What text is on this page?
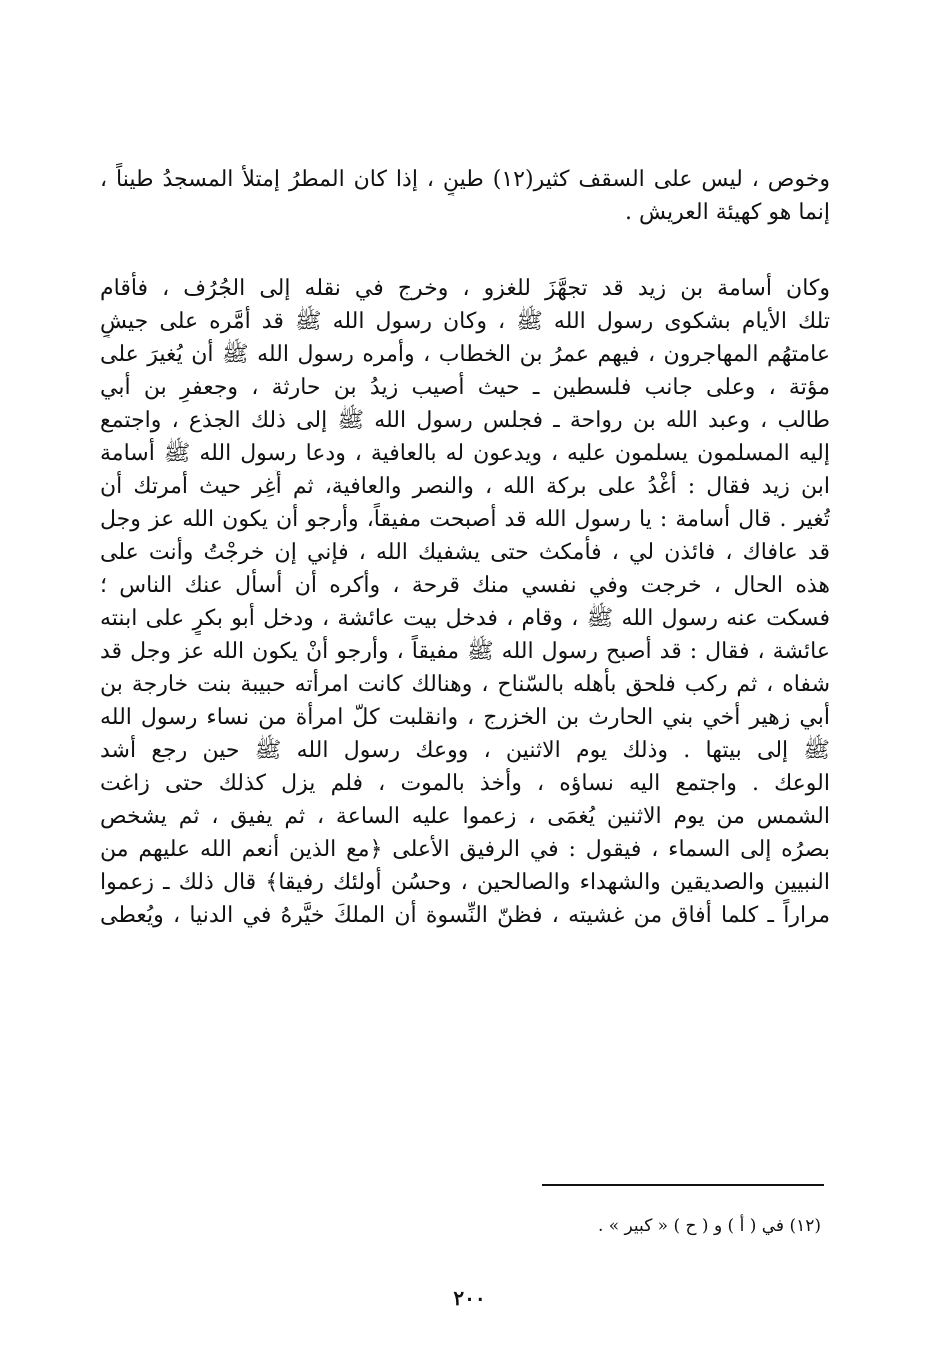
وخوص ، ليس على السقف كثير(١٢) طينٍ ، إذا كان المطرُ إمتلأ المسجدُ طيناً ،
إنما هو كهيئة العريش .
وكان أسامة بن زيد قد تجهَّزَ للغزو ، وخرج في نقله إلى الجُرُف ، فأقام
تلك الأيام بشكوى رسول الله ﷺ ، وكان رسول الله ﷺ قد أمَّره على جيشٍ
عامتهُم المهاجرون ، فيهم عمرُ بن الخطاب ، وأمره رسول الله ﷺ أن يُغيرَ على
مؤتة ، وعلى جانب فلسطين ـ حيث أصيب زيدُ بن حارثة ، وجعفرِ بن أبي
طالب ، وعبد الله بن رواحة ـ فجلس رسول الله ﷺ إلى ذلك الجذع ، واجتمع
إليه المسلمون يسلمون عليه ، ويدعون له بالعافية ، ودعا رسول الله ﷺ أسامة
ابن زيد فقال : أغْدُ على بركة الله ، والنصر والعافية، ثم أَغِر حيث أمرتك أن
تُغير . قال أسامة : يا رسول الله قد أصبحت مفيقاً، وأرجو أن يكون الله عز وجل
قد عافاك ، فائذن لي ، فأمكث حتى يشفيك الله ، فإني إن خرجْتُ وأنت على
هذه الحال ، خرجت وفي نفسي منك قرحة ، وأكره أن أسأل عنك الناس ؛
فسكت عنه رسول الله ﷺ ، وقام ، فدخل بيت عائشة ، ودخل أبو بكرٍ على ابنته
عائشة ، فقال : قد أصبح رسول الله ﷺ مفيقاً ، وأرجو أنْ يكون الله عز وجل قد
شفاه ، ثم ركب فلحق بأهله بالسّناح ، وهنالك كانت امرأته حبيبة بنت خارجة بن
أبي زهير أخي بني الحارث بن الخزرج ، وانقلبت كلّ امرأة من نساء رسول الله
ﷺ إلى بيتها . وذلك يوم الاثنين ، ووعك رسول الله ﷺ حين رجع أشد
الوعك . واجتمع اليه نساؤه ، وأخذ بالموت ، فلم يزل كذلك حتى زاغت
الشمس من يوم الاثنين يُغمَى ، زعموا عليه الساعة ، ثم يفيق ، ثم يشخص
بصرُه إلى السماء ، فيقول : في الرفيق الأعلى ﴿مع الذين أنعم الله عليهم من
النبيين والصديقين والشهداء والصالحين ، وحسُن أولئك رفيقا﴾ قال ذلك ـ زعموا
مراراً ـ كلما أفاق من غشيته ، فظنّ النِّسوة أن الملكَ خيَّرهُ في الدنيا ، ويُعطى
(١٢) في ( أ ) و ( ح ) « كبير » .
٢٠٠
